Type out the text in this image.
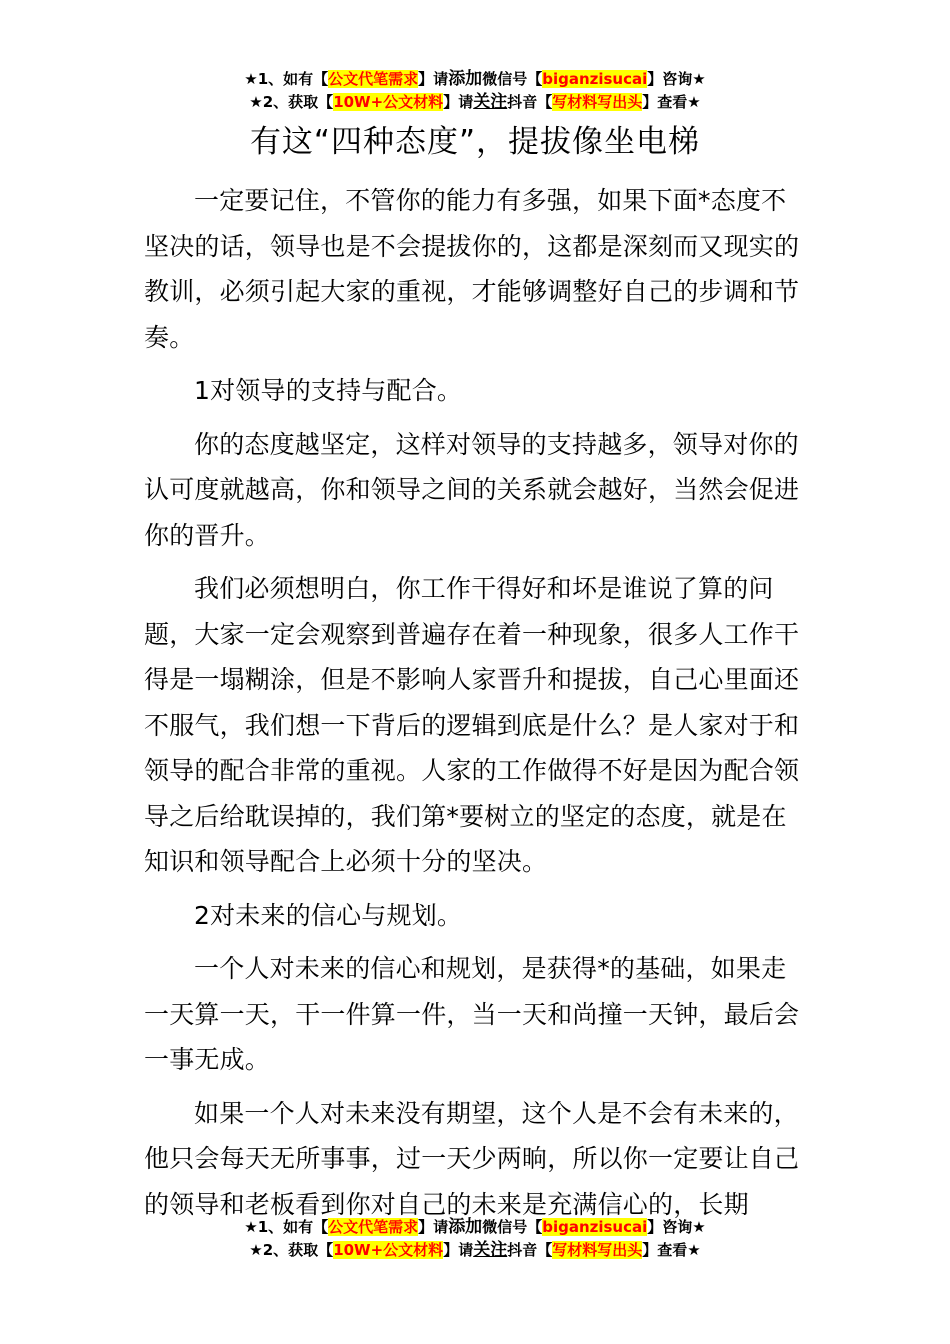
★1、如有【公文代笔需求】请添加微信号【biganzisucai】咨询★
★2、获取【10W+公文材料】请关注抖音【写材料写出头】查看★
有这“四种态度”，提拔像坐电梯

一定要记住，不管你的能力有多强，如果下面*态度不坚决的话，领导也是不会提拔你的，这都是深刻而又现实的教训，必须引起大家的重视，才能够调整好自己的步调和节奏。

1对领导的支持与配合。

你的态度越坚定，这样对领导的支持越多，领导对你的认可度就越高，你和领导之间的关系就会越好，当然会促进你的晋升。

我们必须想明白，你工作干得好和坏是谁说了算的问题，大家一定会观察到普遍存在着一种现象，很多人工作干得是一塌糊涂，但是不影响人家晋升和提拔，自己心里面还不服气，我们想一下背后的逻辑到底是什么？是人家对于和领导的配合非常的重视。人家的工作做得不好是因为配合领导之后给耽误掉的，我们第*要树立的坚定的态度，就是在知识和领导配合上必须十分的坚决。

2对未来的信心与规划。

一个人对未来的信心和规划，是获得*的基础，如果走一天算一天，干一件算一件，当一天和尚撞一天钟，最后会一事无成。

如果一个人对未来没有期望，这个人是不会有未来的，他只会每天无所事事，过一天少两晌，所以你一定要让自己的领导和老板看到你对自己的未来是充满信心的，长期

★1、如有【公文代笔需求】请添加微信号【biganzisucai】咨询★
★2、获取【10W+公文材料】请关注抖音【写材料写出头】查看★
